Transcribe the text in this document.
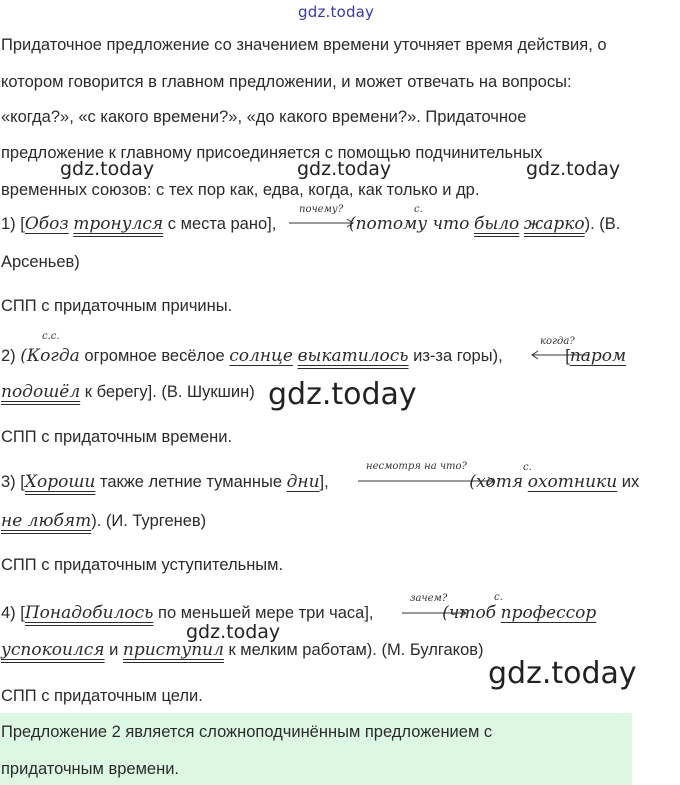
gdz.today
gdz.today	gdz.today	gdz.today
gdz.today
gdz.today
gdz.today
Придаточное предложение со значением времени уточняет время действия, о
котором говорится в главном предложении, и может отвечать на вопросы:
«когда?», «с какого времени?», «до какого времени?». Придаточное
предложение к главному присоединяется с помощью подчинительных
временных союзов: с тех пор как, едва, когда, как только и др.
1) [Обоз тронулся с места рано],	(потому что было жарко). (В.
почему?	с.
Арсеньев)
СПП с придаточным причины.
с.с.
2) (Когда огромное весёлое солнце выкатилось из-за горы),	[паром
когда?
подошёл к берегу]. (В. Шукшин)
СПП с придаточным времени.
3) [Хороши также летние туманные дни],	(хотя охотники их
несмотря на что?	с.
не любят). (И. Тургенев)
СПП с придаточным уступительным.
4) [Понадобилось по меньшей мере три часа],	(чтоб профессор
зачем?	с.
успокоился и приступил к мелким работам). (М. Булгаков)
СПП с придаточным цели.
Предложение 2 является сложноподчинённым предложением с
придаточным времени.
